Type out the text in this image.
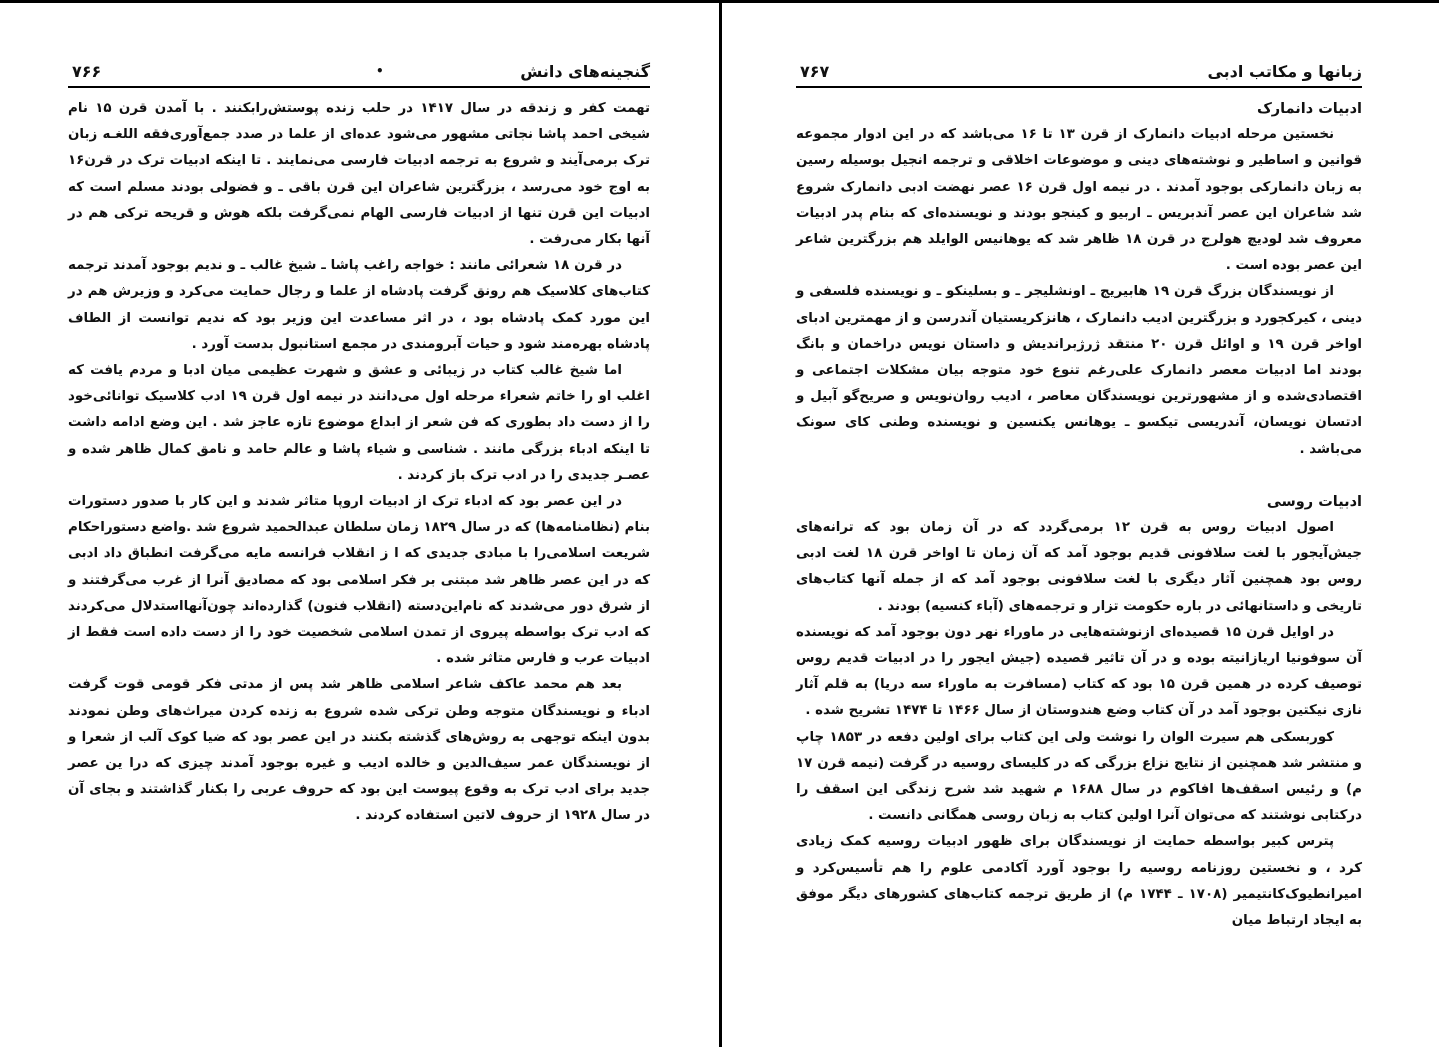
گنجینه‌های دانش
•
۷۶۶

تهمت کفر و زندقه در سال ۱۴۱۷ در حلب زنده پوستش‌رابکنند . با آمدن قرن ۱۵ نام شیخی احمد پاشا نجاتی مشهور می‌شود عده‌ای از علما در صدد جمع‌آوری‌فقه اللغـه زبان ترک برمی‌آیند و شروع به ترجمه ادبیات فارسی می‌نمایند . تا اینکه ادبیات ترک در قرن۱۶ به اوج خود می‌رسد ، بزرگترین شاعران این قرن باقی ـ و فضولی بودند مسلم است که ادبیات این قرن تنها از ادبیات فارسی الهام نمی‌گرفت بلکه هوش و قریحه ترکی هم در آنها بکار می‌رفت .

در قرن ۱۸ شعرائی مانند : خواجه راغب پاشا ـ شیخ غالب ـ و ندیم بوجود آمدند ترجمه کتاب‌های کلاسیک هم رونق گرفت پادشاه از علما و رجال حمایت می‌کرد و وزیرش هم در این مورد کمک پادشاه بود ، در اثر مساعدت این وزیر بود که ندیم توانست از الطاف پادشاه بهره‌مند شود و حیات آبرومندی در مجمع استانبول بدست آورد .

اما شیخ غالب کتاب در زیبائی و عشق و شهرت عظیمی میان ادبا و مردم یافت که اغلب او را خاتم شعراء مرحله اول می‌دانند در نیمه اول قرن ۱۹ ادب کلاسیک توانائی‌خود را از دست داد بطوری که فن شعر از ابداع موضوع تازه عاجز شد . این وضع ادامه داشت تا اینکه ادباء بزرگی مانند . شناسی و شیاء پاشا و عالم حامد و نامق کمال ظاهر شده و عصـر جدیدی را در ادب ترک باز کردند .

در این عصر بود که ادباء ترک از ادبیات اروپا متاثر شدند و این کار با صدور دستورات بنام (نظامنامه‌ها) که در سال ۱۸۲۹ زمان سلطان عبدالحمید شروع شد .واضع دستوراحکام شریعت اسلامی‌را با مبادی جدیدی که ا ز انقلاب فرانسه مایه می‌گرفت انطباق داد ادبی که در این عصر ظاهر شد مبتنی بر فکر اسلامی بود که مصادیق آنرا از غرب می‌گرفتند و از شرق دور می‌شدند که نام‌این‌دسته (انقلاب فنون) گذارده‌اند چون‌آنهااستدلال می‌کردند که ادب ترک بواسطه پیروی از تمدن اسلامی شخصیت خود را از دست داده است فقط از ادبیات عرب و فارس متاثر شده .

بعد هم محمد عاکف شاعر اسلامی ظاهر شد پس از مدتی فکر قومی قوت گرفت ادباء و نویسندگان متوجه وطن ترکی شده شروع به زنده کردن میراث‌های وطن نمودند بدون اینکه توجهی به روش‌های گذشته بکنند در این عصر بود که ضیا کوک آلب از شعرا و از نویسندگان عمر سیف‌الدین و خالده ادیب و غیره بوجود آمدند چیزی که درا ین عصر جدید برای ادب ترک به وقوع پیوست این بود که حروف عربی را بکنار گذاشتند و بجای آن در سال ۱۹۲۸ از حروف لاتین استفاده کردند .

زبانها و مکاتب ادبی
۷۶۷
ادبیات دانمارک

نخستین مرحله ادبیات دانمارک از قرن ۱۳ تا ۱۶ می‌باشد که در این ادوار مجموعه قوانین و اساطیر و نوشته‌های دینی و موضوعات اخلاقی و ترجمه انجیل بوسیله رسین به زبان دانمارکی بوجود آمدند . در نیمه اول قرن ۱۶ عصر نهضت ادبی دانمارک شروع شد شاعران این عصر آندبریس ـ اربیو و کینجو بودند و نویسنده‌ای که بنام پدر ادبیات معروف شد لودیچ هولرج در قرن ۱۸ ظاهر شد که یوهانیس الوایلد هم بزرگترین شاعر این عصر بوده است .

از نویسندگان بزرگ قرن ۱۹ هابیریج ـ اونشلیجر ـ و بسلینکو ـ و نویسنده فلسفی و دینی ، کیرکجورد و بزرگترین ادیب دانمارک ، هانزکریستیان آندرسن و از مهمترین ادبای اواخر قرن ۱۹ و اوائل قرن ۲۰ منتقد ژرژبراندیش و داستان نویس دراخمان و بانگ بودند اما ادبیات معصر دانمارک علی‌رغم تنوع خود متوجه بیان مشکلات اجتماعی و اقتصادی‌شده و از مشهورترین نویسندگان معاصر ، ادیب روان‌نویس و صریح‌گو آبیل و ادتسان نویسان، آندریسی تیکسو ـ یوهانس یکنسین و نویسنده وطنی کای سونک می‌باشد .

ادبیات روسی

اصول ادبیات روس به قرن ۱۲ برمی‌گردد که در آن زمان بود که ترانه‌های جیش‌آیجور با لغت سلافونی قدیم بوجود آمد که آن زمان تا اواخر قرن ۱۸ لغت ادبی روس بود همچنین آثار دیگری با لغت سلافونی بوجود آمد که از جمله آنها کتاب‌های تاریخی و داستانهائی در باره حکومت تزار و ترجمه‌های (آباء کنسیه) بودند .

در اوایل قرن ۱۵ قصیده‌ای ازنوشته‌هایی در ماوراء نهر دون بوجود آمد که نویسنده آن سوفونیا اریازانیته بوده و در آن تاثیر قصیده (جیش ایجور را در ادبیات قدیم روس توصیف کرده در همین قرن ۱۵ بود که کتاب (مسافرت به ماوراء سه دریا) به قلم آثار نازی نیکتین بوجود آمد در آن کتاب وضع هندوستان از سال ۱۴۶۶ تا ۱۴۷۴ تشریح شده .

کوربسکی هم سیرت الوان را نوشت ولی این کتاب برای اولین دفعه در ۱۸۵۳ چاپ و منتشر شد همچنین از نتایج نزاع بزرگی که در کلیسای روسیه در گرفت (نیمه قرن ۱۷ م) و رئیس اسقف‌ها افاکوم در سال ۱۶۸۸ م شهید شد شرح زندگی این اسقف را درکتابی نوشتند که می‌توان آنرا اولین کتاب به زبان روسی همگانی دانست .

پترس کبیر بواسطه حمایت از نویسندگان برای ظهور ادبیات روسیه کمک زیادی کرد ، و نخستین روزنامه روسیه را بوجود آورد آکادمی علوم را هم تأسیس‌کرد و امیرانطیوک‌کانتیمیر (۱۷۰۸ ـ ۱۷۴۴ م) از طریق ترجمه کتاب‌های کشورهای دیگر موفق به ایجاد ارتباط میان
